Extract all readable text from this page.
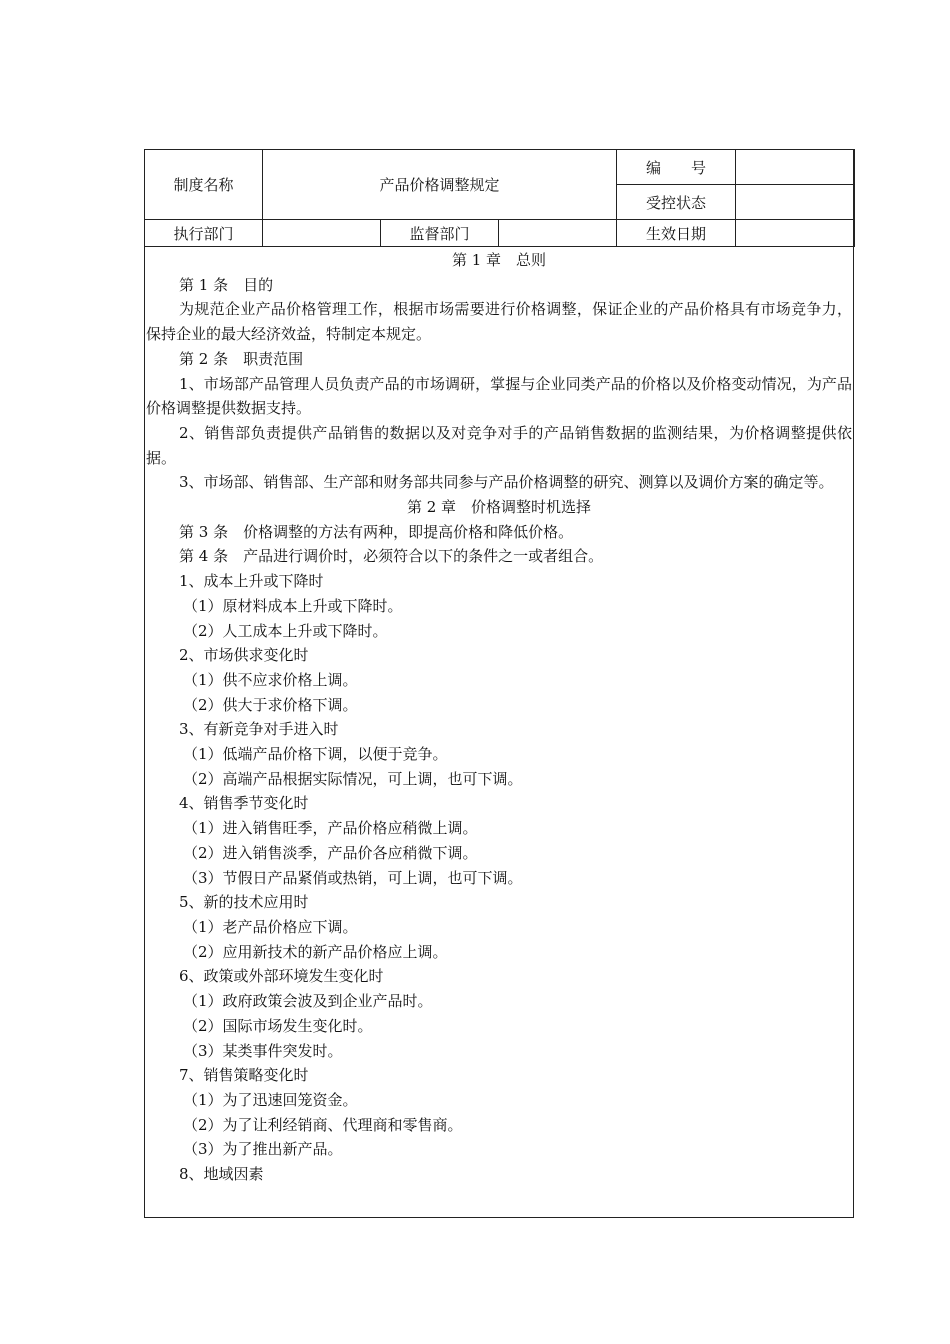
制度名称	产品价格调整规定			编　　号	
				受控状态	
执行部门		监督部门		生效日期	
第 1 章　总则
第 1 条　目的
为规范企业产品价格管理工作，根据市场需要进行价格调整，保证企业的产品价格具有市场竞争力，保持企业的最大经济效益，特制定本规定。
第 2 条　职责范围
1、市场部产品管理人员负责产品的市场调研，掌握与企业同类产品的价格以及价格变动情况，为产品价格调整提供数据支持。
2、销售部负责提供产品销售的数据以及对竞争对手的产品销售数据的监测结果，为价格调整提供依据。
3、市场部、销售部、生产部和财务部共同参与产品价格调整的研究、测算以及调价方案的确定等。
第 2 章　价格调整时机选择
第 3 条　价格调整的方法有两种，即提高价格和降低价格。
第 4 条　产品进行调价时，必须符合以下的条件之一或者组合。
1、成本上升或下降时
（1）原材料成本上升或下降时。
（2）人工成本上升或下降时。
2、市场供求变化时
（1）供不应求价格上调。
（2）供大于求价格下调。
3、有新竞争对手进入时
（1）低端产品价格下调，以便于竞争。
（2）高端产品根据实际情况，可上调，也可下调。
4、销售季节变化时
（1）进入销售旺季，产品价格应稍微上调。
（2）进入销售淡季，产品价各应稍微下调。
（3）节假日产品紧俏或热销，可上调，也可下调。
5、新的技术应用时
（1）老产品价格应下调。
（2）应用新技术的新产品价格应上调。
6、政策或外部环境发生变化时
（1）政府政策会波及到企业产品时。
（2）国际市场发生变化时。
（3）某类事件突发时。
7、销售策略变化时
（1）为了迅速回笼资金。
（2）为了让利经销商、代理商和零售商。
（3）为了推出新产品。
8、地域因素
